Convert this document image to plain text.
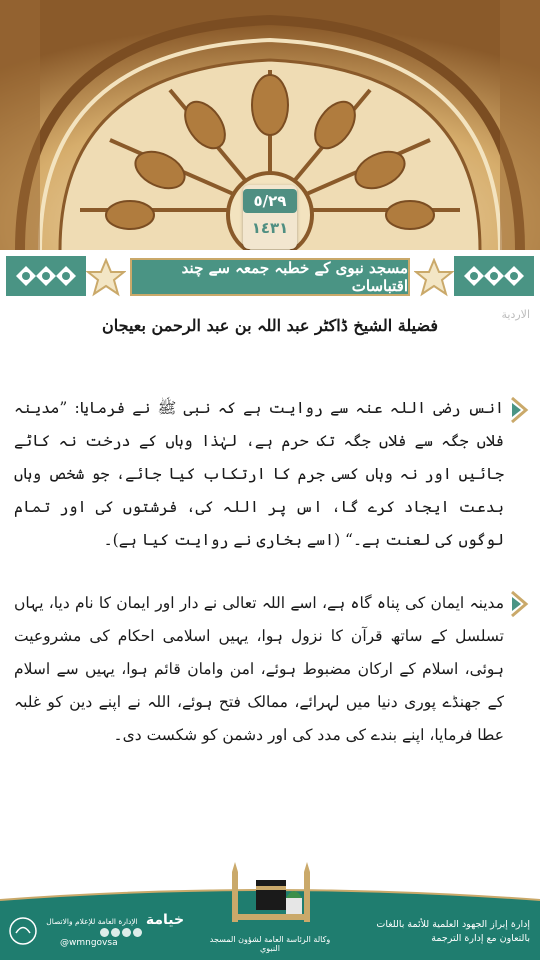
٥/٢٩
١٤٣١
مسجد نبوی کے خطبہ جمعہ سے چند اقتباسات
الاردية
فضیلة الشیخ ڈاکٹر عبد اللہ بن عبد الرحمن بعیجان
انس رضی اللہ عنہ سے روایت ہے کہ نبی ﷺ نے فرمایا: ”مدینہ فلاں جگہ سے فلاں جگہ تک حرم ہے، لہٰذا وہاں کے درخت نہ کاٹے جائیں اور نہ وہاں کسی جرم کا ارتکاب کیا جائے، جو شخص وہاں بدعت ایجاد کرے گا، اس پر اللہ کی، فرشتوں کی اور تمام لوگوں کی لعنت ہے۔“ (اسے بخاری نے روایت کیا ہے)۔
مدینہ ایمان کی پناہ گاہ ہے، اسے اللہ تعالی نے دار اور ایمان کا نام دیا، یہاں تسلسل کے ساتھ قرآن کا نزول ہوا، یہیں اسلامی احکام کی مشروعیت ہوئی، اسلام کے ارکان مضبوط ہوئے، امن وامان قائم ہوا، یہیں سے اسلام کے جھنڈے پوری دنیا میں لہرائے، ممالک فتح ہوئے، اللہ نے اپنے دین کو غلبہ عطا فرمایا، اپنے بندے کی مدد کی اور دشمن کو شکست دی۔
إدارة إبراز الجهود العلمية للأئمة باللغات
بالتعاون مع إدارة الترجمة
وكالة الرئاسة العامة لشؤون المسجد النبوي
خيامة
الإدارة العامة للإعلام والاتصال
@wmngovsa
